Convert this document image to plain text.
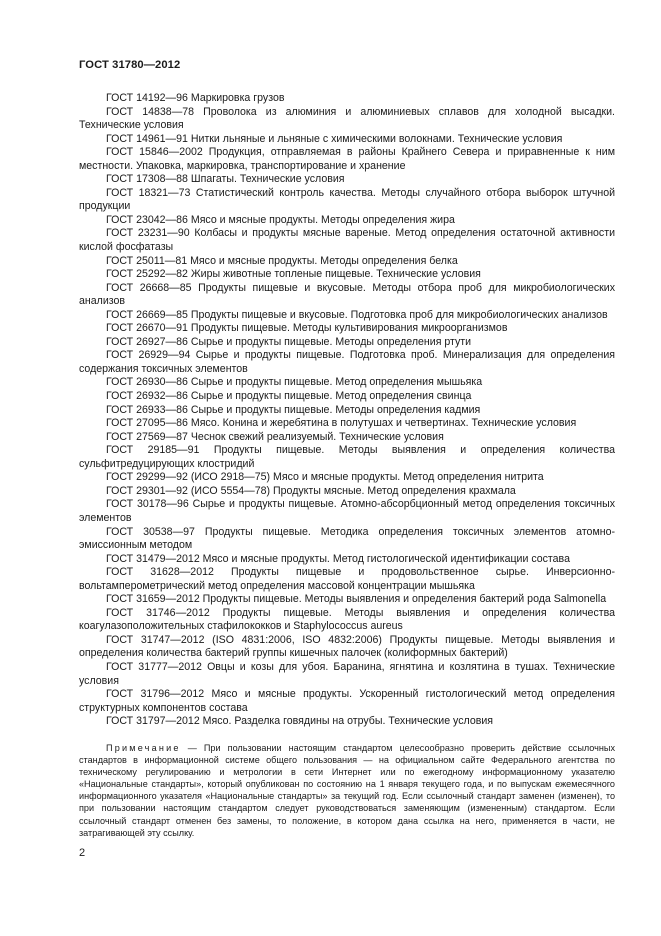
ГОСТ 31780—2012

ГОСТ 14192—96 Маркировка грузов

ГОСТ 14838—78 Проволока из алюминия и алюминиевых сплавов для холодной высадки. Технические условия

ГОСТ 14961—91 Нитки льняные и льняные с химическими волокнами. Технические условия

ГОСТ 15846—2002 Продукция, отправляемая в районы Крайнего Севера и приравненные к ним местности. Упаковка, маркировка, транспортирование и хранение

ГОСТ 17308—88 Шпагаты. Технические условия

ГОСТ 18321—73 Статистический контроль качества. Методы случайного отбора выборок штучной продукции

ГОСТ 23042—86 Мясо и мясные продукты. Методы определения жира

ГОСТ 23231—90 Колбасы и продукты мясные вареные. Метод определения остаточной активности кислой фосфатазы

ГОСТ 25011—81 Мясо и мясные продукты. Методы определения белка

ГОСТ 25292—82 Жиры животные топленые пищевые. Технические условия

ГОСТ 26668—85 Продукты пищевые и вкусовые. Методы отбора проб для микробиологических анализов

ГОСТ 26669—85 Продукты пищевые и вкусовые. Подготовка проб для микробиологических анализов

ГОСТ 26670—91 Продукты пищевые. Методы культивирования микроорганизмов

ГОСТ 26927—86 Сырье и продукты пищевые. Методы определения ртути

ГОСТ 26929—94 Сырье и продукты пищевые. Подготовка проб. Минерализация для определения содержания токсичных элементов

ГОСТ 26930—86 Сырье и продукты пищевые. Метод определения мышьяка

ГОСТ 26932—86 Сырье и продукты пищевые. Метод определения свинца

ГОСТ 26933—86 Сырье и продукты пищевые. Методы определения кадмия

ГОСТ 27095—86 Мясо. Конина и жеребятина в полутушах и четвертинах. Технические условия

ГОСТ 27569—87 Чеснок свежий реализуемый. Технические условия

ГОСТ 29185—91 Продукты пищевые. Методы выявления и определения количества сульфитредуцирующих клостридий

ГОСТ 29299—92 (ИСО 2918—75) Мясо и мясные продукты. Метод определения нитрита

ГОСТ 29301—92 (ИСО 5554—78) Продукты мясные. Метод определения крахмала

ГОСТ 30178—96 Сырье и продукты пищевые. Атомно-абсорбционный метод определения токсичных элементов

ГОСТ 30538—97 Продукты пищевые. Методика определения токсичных элементов атомно-эмиссионным методом

ГОСТ 31479—2012 Мясо и мясные продукты. Метод гистологической идентификации состава

ГОСТ 31628—2012 Продукты пищевые и продовольственное сырье. Инверсионно-вольтамперометрический метод определения массовой концентрации мышьяка

ГОСТ 31659—2012 Продукты пищевые. Методы выявления и определения бактерий рода Salmonella

ГОСТ 31746—2012 Продукты пищевые. Методы выявления и определения количества коагулазоположительных стафилококков и Staphylococcus aureus

ГОСТ 31747—2012 (ISO 4831:2006, ISO 4832:2006) Продукты пищевые. Методы выявления и определения количества бактерий группы кишечных палочек (колиформных бактерий)

ГОСТ 31777—2012 Овцы и козы для убоя. Баранина, ягнятина и козлятина в тушах. Технические условия

ГОСТ 31796—2012 Мясо и мясные продукты. Ускоренный гистологический метод определения структурных компонентов состава

ГОСТ 31797—2012 Мясо. Разделка говядины на отрубы. Технические условия

Примечание — При пользовании настоящим стандартом целесообразно проверить действие ссылочных стандартов в информационной системе общего пользования — на официальном сайте Федерального агентства по техническому регулированию и метрологии в сети Интернет или по ежегодному информационному указателю «Национальные стандарты», который опубликован по состоянию на 1 января текущего года, и по выпускам ежемесячного информационного указателя «Национальные стандарты» за текущий год. Если ссылочный стандарт заменен (изменен), то при пользовании настоящим стандартом следует руководствоваться заменяющим (измененным) стандартом. Если ссылочный стандарт отменен без замены, то положение, в котором дана ссылка на него, применяется в части, не затрагивающей эту ссылку.

2
